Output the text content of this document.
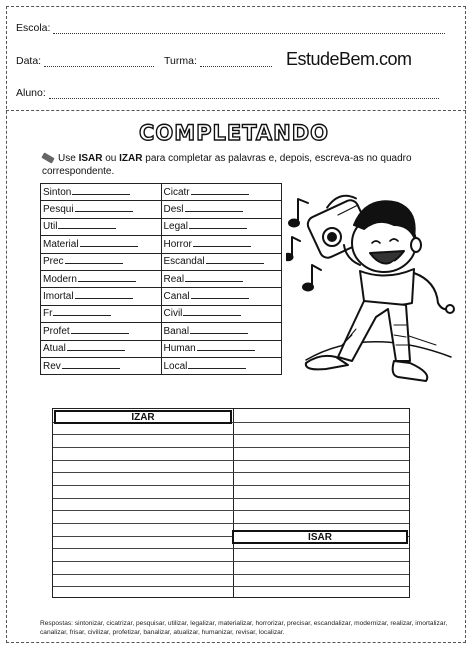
Escola:
Data:	Turma:	EstudeBem.com
Aluno:
COMPLETANDO
Use ISAR ou IZAR para completar as palavras e, depois, escreva-as no quadro correspondente.
Sinton	Cicatr
Pesqui	Desl
Util	Legal
Material	Horror
Prec	Escandal
Modern	Real
Imortal	Canal
Fr	Civil
Profet	Banal
Atual	Human
Rev	Local
IZAR
ISAR
Respostas: sintonizar, cicatrizar, pesquisar, utilizar, legalizar, materializar, horrorizar, precisar, escandalizar, modernizar, realizar, imortalizar, canalizar, frisar, civilizar, profetizar, banalizar, atualizar, humanizar, revisar, localizar.
